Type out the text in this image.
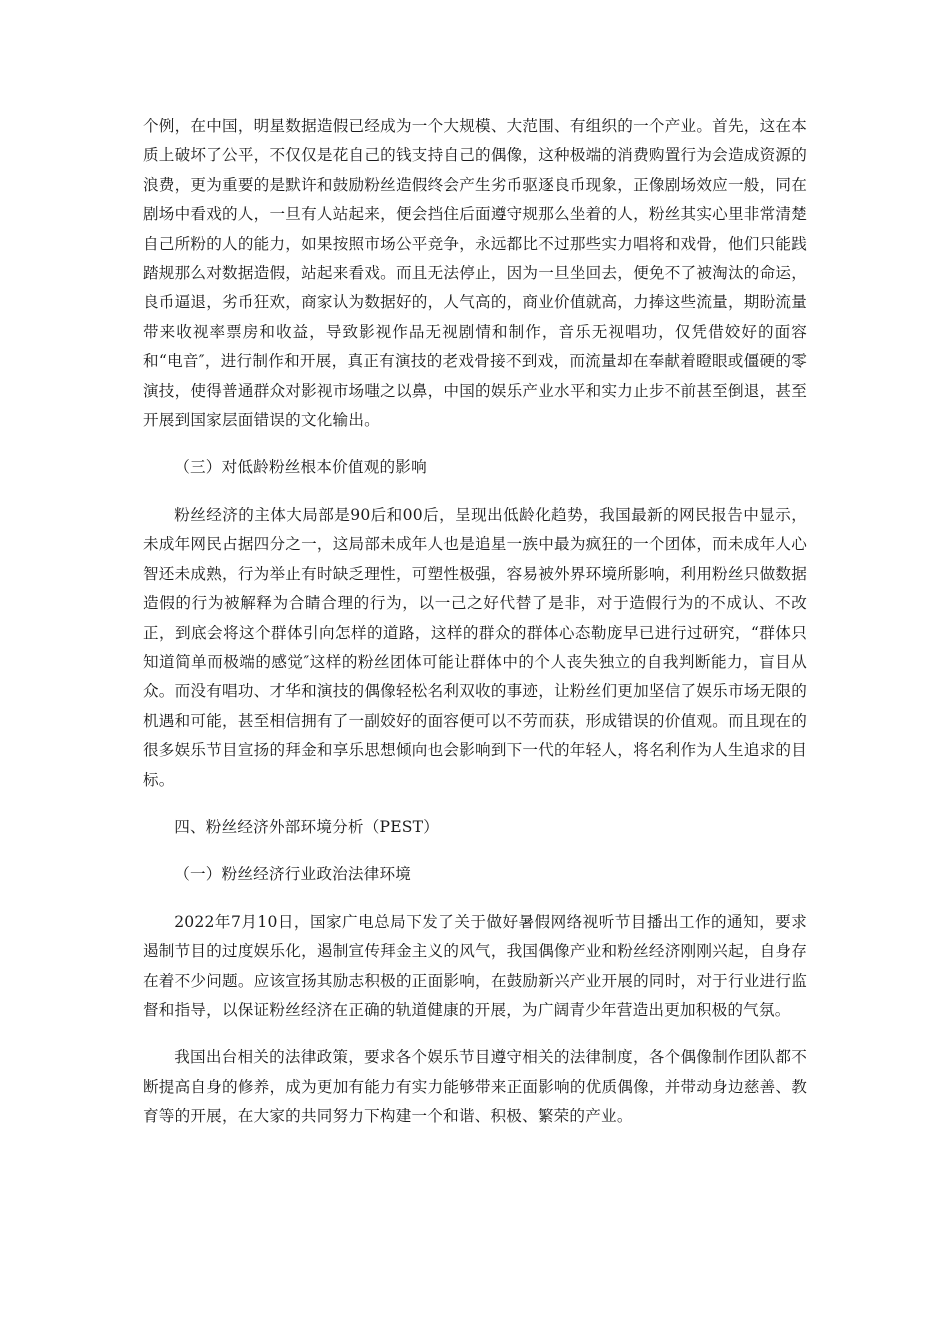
个例，在中国，明星数据造假已经成为一个大规模、大范围、有组织的一个产业。首先，这在本质上破坏了公平，不仅仅是花自己的钱支持自己的偶像，这种极端的消费购置行为会造成资源的浪费，更为重要的是默许和鼓励粉丝造假终会产生劣币驱逐良币现象，正像剧场效应一般，同在剧场中看戏的人，一旦有人站起来，便会挡住后面遵守规那么坐着的人，粉丝其实心里非常清楚自己所粉的人的能力，如果按照市场公平竞争，永远都比不过那些实力唱将和戏骨，他们只能践踏规那么对数据造假，站起来看戏。而且无法停止，因为一旦坐回去，便免不了被淘汰的命运，良币逼退，劣币狂欢，商家认为数据好的，人气高的，商业价值就高，力捧这些流量，期盼流量带来收视率票房和收益，导致影视作品无视剧情和制作，音乐无视唱功，仅凭借姣好的面容和“电音″，进行制作和开展，真正有演技的老戏骨接不到戏，而流量却在奉献着瞪眼或僵硬的零演技，使得普通群众对影视市场嗤之以鼻，中国的娱乐产业水平和实力止步不前甚至倒退，甚至开展到国家层面错误的文化输出。

（三）对低龄粉丝根本价值观的影响

粉丝经济的主体大局部是90后和00后，呈现出低龄化趋势，我国最新的网民报告中显示，未成年网民占据四分之一，这局部未成年人也是追星一族中最为疯狂的一个团体，而未成年人心智还未成熟，行为举止有时缺乏理性，可塑性极强，容易被外界环境所影响，利用粉丝只做数据造假的行为被解释为合睛合理的行为，以一己之好代替了是非，对于造假行为的不成认、不改正，到底会将这个群体引向怎样的道路，这样的群众的群体心态勒庞早已进行过研究，“群体只知道简单而极端的感觉″这样的粉丝团体可能让群体中的个人丧失独立的自我判断能力，盲目从众。而没有唱功、才华和演技的偶像轻松名利双收的事迹，让粉丝们更加坚信了娱乐市场无限的机遇和可能，甚至相信拥有了一副姣好的面容便可以不劳而获，形成错误的价值观。而且现在的很多娱乐节目宣扬的拜金和享乐思想倾向也会影响到下一代的年轻人，将名利作为人生追求的目标。

四、粉丝经济外部环境分析（PEST）

（一）粉丝经济行业政治法律环境

2022年7月10日，国家广电总局下发了关于做好暑假网络视听节目播出工作的通知，要求遏制节目的过度娱乐化，遏制宣传拜金主义的风气，我国偶像产业和粉丝经济刚刚兴起，自身存在着不少问题。应该宣扬其励志积极的正面影响，在鼓励新兴产业开展的同时，对于行业进行监督和指导，以保证粉丝经济在正确的轨道健康的开展，为广阔青少年营造出更加积极的气氛。

我国出台相关的法律政策，要求各个娱乐节目遵守相关的法律制度，各个偶像制作团队都不断提高自身的修养，成为更加有能力有实力能够带来正面影响的优质偶像，并带动身边慈善、教育等的开展，在大家的共同努力下构建一个和谐、积极、繁荣的产业。
